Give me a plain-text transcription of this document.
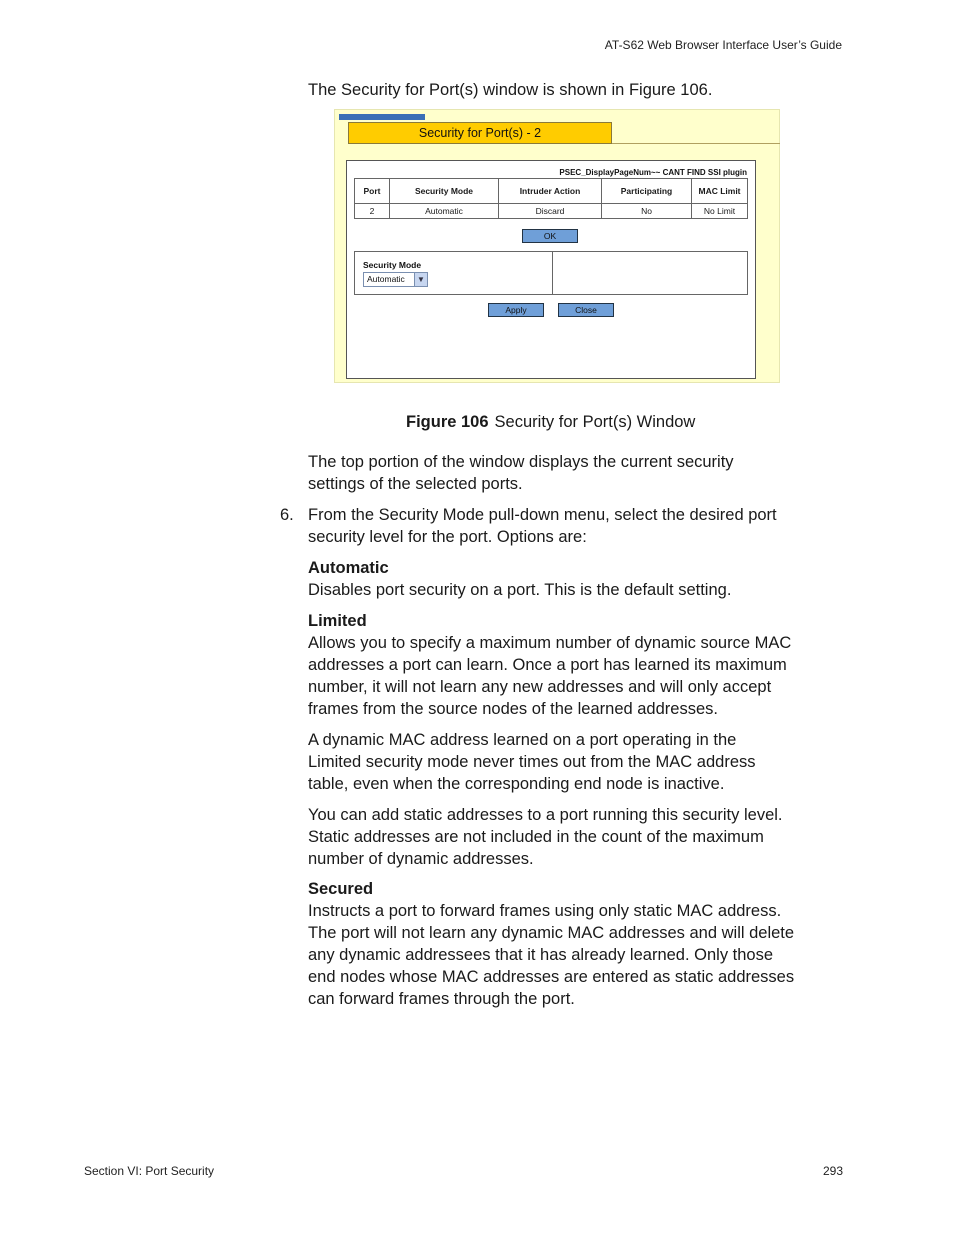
AT-S62 Web Browser Interface User’s Guide

The Security for Port(s) window is shown in Figure 106.

Security for Port(s) - 2
PSEC_DisplayPageNum~~ CANT FIND SSI plugin
Port	Security Mode	Intruder Action	Participating	MAC Limit
2	Automatic	Discard	No	No Limit
OK
Security Mode
Automatic	▼
Apply	Close
Figure 106 Security for Port(s) Window
The top portion of the window displays the current security
settings of the selected ports.
6. From the Security Mode pull-down menu, select the desired port
security level for the port. Options are:
Automatic
Disables port security on a port. This is the default setting.
Limited
Allows you to specify a maximum number of dynamic source MAC
addresses a port can learn. Once a port has learned its maximum
number, it will not learn any new addresses and will only accept
frames from the source nodes of the learned addresses.
A dynamic MAC address learned on a port operating in the
Limited security mode never times out from the MAC address
table, even when the corresponding end node is inactive.
You can add static addresses to a port running this security level.
Static addresses are not included in the count of the maximum
number of dynamic addresses.
Secured
Instructs a port to forward frames using only static MAC address.
The port will not learn any dynamic MAC addresses and will delete
any dynamic addressees that it has already learned. Only those
end nodes whose MAC addresses are entered as static addresses
can forward frames through the port.
Section VI: Port Security	293
